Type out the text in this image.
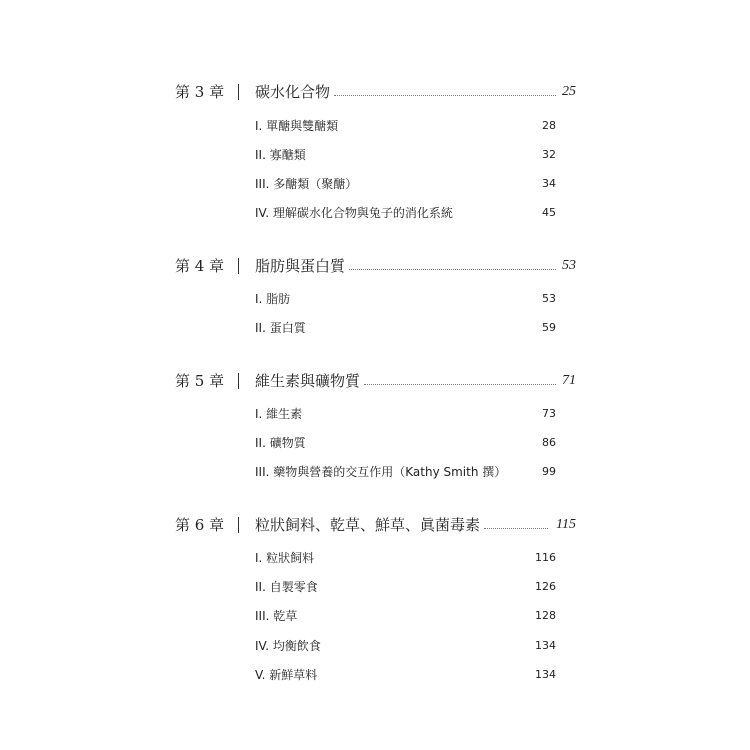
第 3 章 碳水化合物	25
I. 單醣與雙醣類	28
II. 寡醣類	32
III. 多醣類（聚醣）	34
IV. 理解碳水化合物與兔子的消化系統	45
第 4 章 脂肪與蛋白質	53
I. 脂肪	53
II. 蛋白質	59
第 5 章 維生素與礦物質	71
I. 維生素	73
II. 礦物質	86
III. 藥物與營養的交互作用（Kathy Smith 撰）	99
第 6 章 粒狀飼料、乾草、鮮草、眞菌毒素	115
I. 粒狀飼料	116
II. 自製零食	126
III. 乾草	128
IV. 均衡飲食	134
V. 新鮮草料	134
